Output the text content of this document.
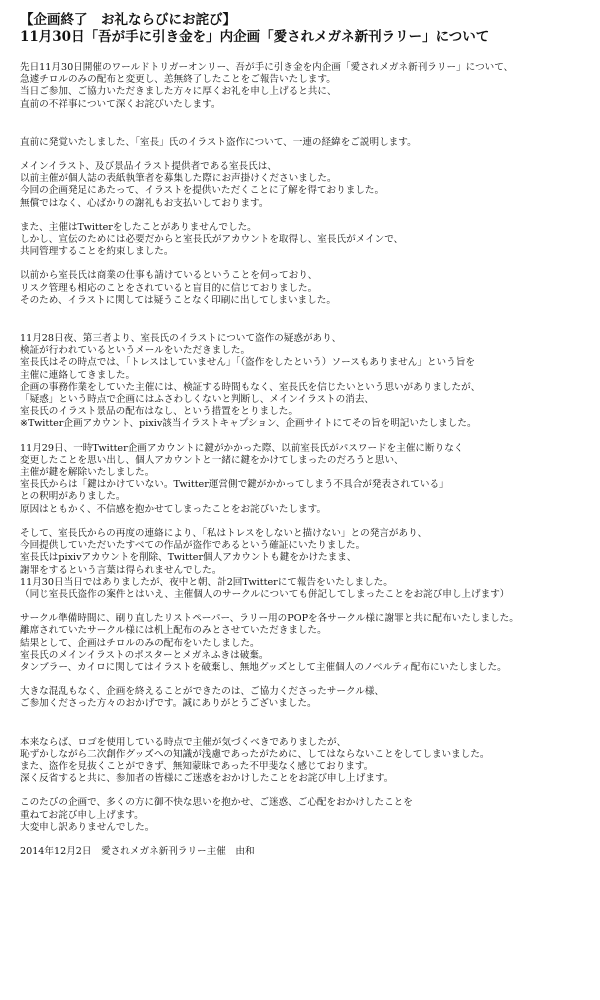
【企画終了　お礼ならびにお詫び】
11月30日「吾が手に引き金を」内企画「愛されメガネ新刊ラリー」について
先日11月30日開催のワールドトリガーオンリー、吾が手に引き金を内企画「愛されメガネ新刊ラリー」について、
急遽チロルのみの配布と変更し、恙無終了したことをご報告いたします。
当日ご参加、ご協力いただきました方々に厚くお礼を申し上げると共に、
直前の不祥事について深くお詫びいたします。
直前に発覚いたしました、「室長」氏のイラスト盗作について、一連の経緯をご説明します。
メインイラスト、及び景品イラスト提供者である室長氏は、
以前主催が個人誌の表紙執筆者を募集した際にお声掛けくださいました。
今回の企画発足にあたって、イラストを提供いただくことに了解を得ておりました。
無償ではなく、心ばかりの謝礼もお支払いしております。
また、主催はTwitterをしたことがありませんでした。
しかし、宣伝のためには必要だからと室長氏がアカウントを取得し、室長氏がメインで、
共同管理することを約束しました。
以前から室長氏は商業の仕事も請けているということを伺っており、
リスク管理も相応のことをされていると盲目的に信じておりました。
そのため、イラストに関しては疑うことなく印刷に出してしまいました。
11月28日夜、第三者より、室長氏のイラストについて盗作の疑惑があり、
検証が行われているというメールをいただきました。
室長氏はその時点では、「トレスはしていません」「（盗作をしたという）ソースもありません」という旨を
主催に連絡してきました。
企画の事務作業をしていた主催には、検証する時間もなく、室長氏を信じたいという思いがありましたが、
「疑惑」という時点で企画にはふさわしくないと判断し、メインイラストの消去、
室長氏のイラスト景品の配布はなし、という措置をとりました。
※Twitter企画アカウント、pixiv該当イラストキャプション、企画サイトにてその旨を明記いたしました。
11月29日、一時Twitter企画アカウントに鍵がかかった際、以前室長氏がパスワードを主催に断りなく
変更したことを思い出し、個人アカウントと一緒に鍵をかけてしまったのだろうと思い、
主催が鍵を解除いたしました。
室長氏からは「鍵はかけていない。Twitter運営側で鍵がかかってしまう不具合が発表されている」
との釈明がありました。
原因はともかく、不信感を抱かせてしまったことをお詫びいたします。
そして、室長氏からの再度の連絡により、「私はトレスをしないと描けない」との発言があり、
今回提供していただいたすべての作品が盗作であるという確証にいたりました。
室長氏はpixivアカウントを削除、Twitter個人アカウントも鍵をかけたまま、
謝罪をするという言葉は得られませんでした。
11月30日当日ではありましたが、夜中と朝、計2回Twitterにて報告をいたしました。
（同じ室長氏盗作の案件とはいえ、主催個人のサークルについても併記してしまったことをお詫び申し上げます）
サークル準備時間に、刷り直したリストペーパー、ラリー用のPOPを各サークル様に謝罪と共に配布いたしました。
離席されていたサークル様には机上配布のみとさせていただきました。
結果として、企画はチロルのみの配布をいたしました。
室長氏のメインイラストのポスターとメガネふきは破棄。
タンブラー、カイロに関してはイラストを破棄し、無地グッズとして主催個人のノベルティ配布にいたしました。
大きな混乱もなく、企画を終えることができたのは、ご協力くださったサークル様、
ご参加くださった方々のおかげです。誠にありがとうございました。
本来ならば、ロゴを使用している時点で主催が気づくべきでありましたが、
恥ずかしながら二次創作グッズへの知識が浅慮であったがために、してはならないことをしてしまいました。
また、盗作を見抜くことができず、無知蒙昧であった不甲斐なく感じております。
深く反省すると共に、参加者の皆様にご迷惑をおかけしたことをお詫び申し上げます。
このたびの企画で、多くの方に御不快な思いを抱かせ、ご迷惑、ご心配をおかけしたことを
重ねてお詫び申し上げます。
大変申し訳ありませんでした。
2014年12月2日　愛されメガネ新刊ラリー主催　由和
